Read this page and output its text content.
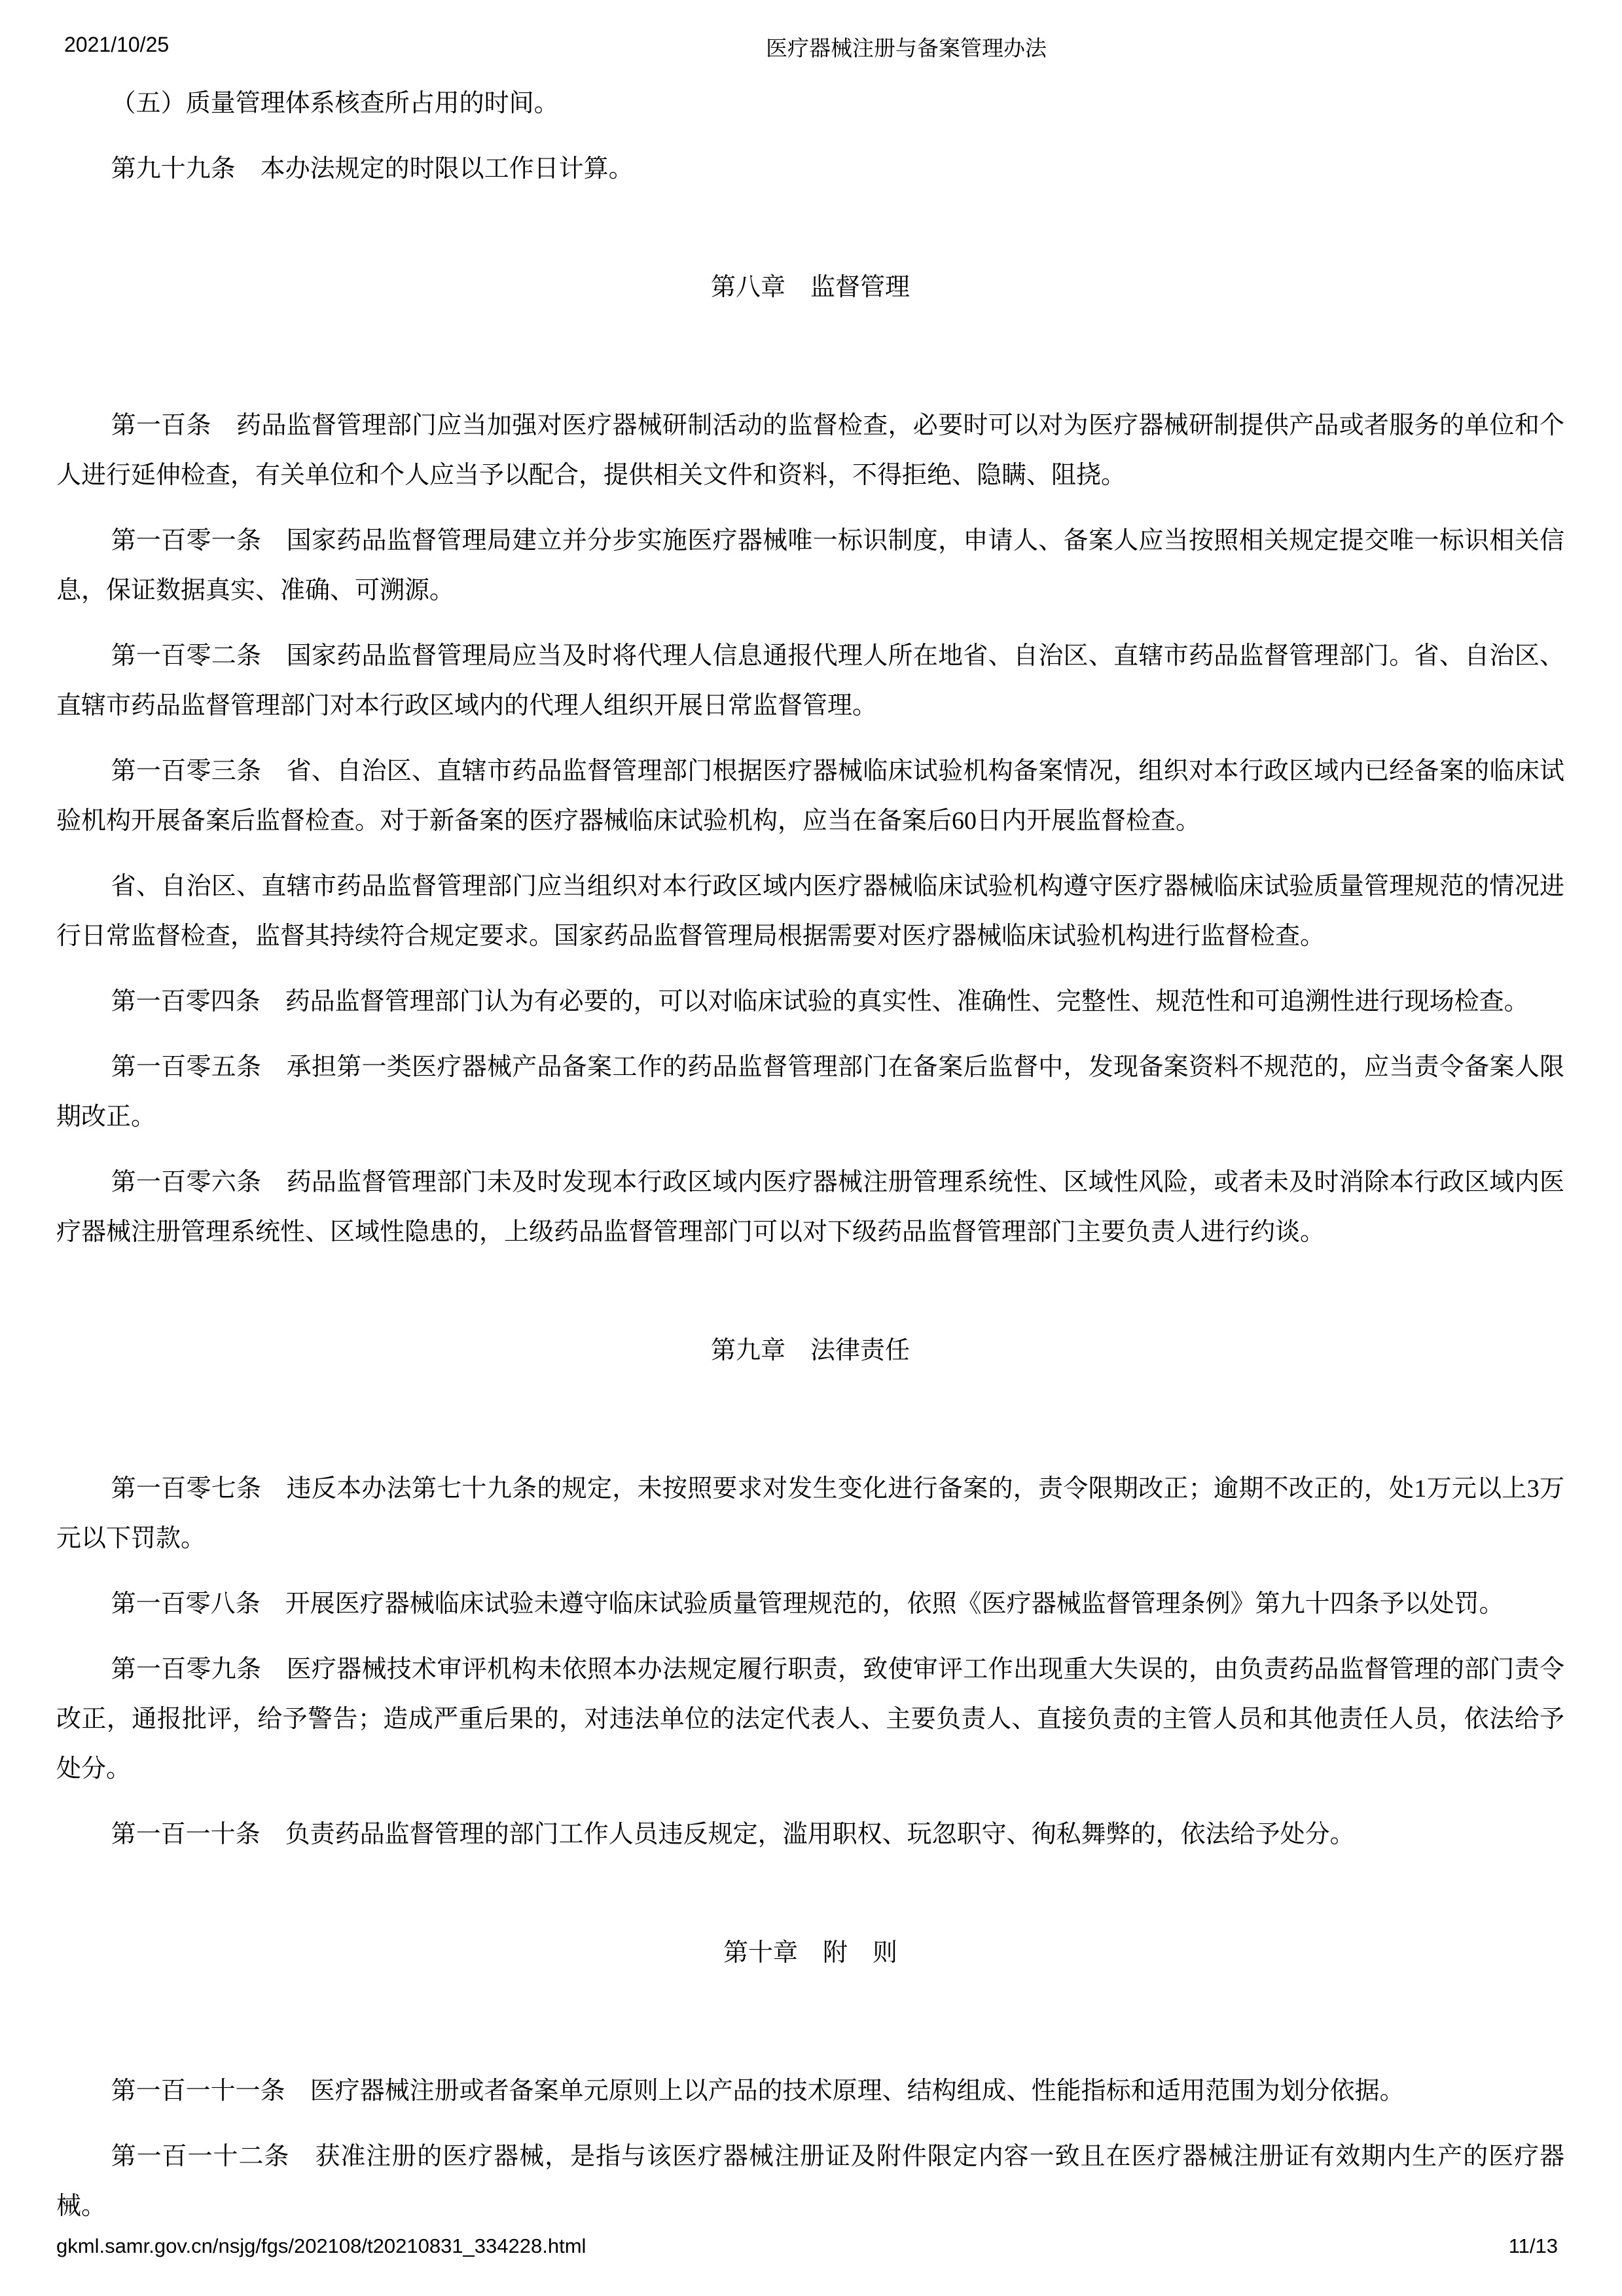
2021/10/25	医疗器械注册与备案管理办法

（五）质量管理体系核查所占用的时间。

第九十九条　本办法规定的时限以工作日计算。

第八章　监督管理

第一百条　药品监督管理部门应当加强对医疗器械研制活动的监督检查，必要时可以对为医疗器械研制提供产品或者服务的单位和个人进行延伸检查，有关单位和个人应当予以配合，提供相关文件和资料，不得拒绝、隐瞒、阻挠。

第一百零一条　国家药品监督管理局建立并分步实施医疗器械唯一标识制度，申请人、备案人应当按照相关规定提交唯一标识相关信息，保证数据真实、准确、可溯源。

第一百零二条　国家药品监督管理局应当及时将代理人信息通报代理人所在地省、自治区、直辖市药品监督管理部门。省、自治区、直辖市药品监督管理部门对本行政区域内的代理人组织开展日常监督管理。

第一百零三条　省、自治区、直辖市药品监督管理部门根据医疗器械临床试验机构备案情况，组织对本行政区域内已经备案的临床试验机构开展备案后监督检查。对于新备案的医疗器械临床试验机构，应当在备案后60日内开展监督检查。

省、自治区、直辖市药品监督管理部门应当组织对本行政区域内医疗器械临床试验机构遵守医疗器械临床试验质量管理规范的情况进行日常监督检查，监督其持续符合规定要求。国家药品监督管理局根据需要对医疗器械临床试验机构进行监督检查。

第一百零四条　药品监督管理部门认为有必要的，可以对临床试验的真实性、准确性、完整性、规范性和可追溯性进行现场检查。

第一百零五条　承担第一类医疗器械产品备案工作的药品监督管理部门在备案后监督中，发现备案资料不规范的，应当责令备案人限期改正。

第一百零六条　药品监督管理部门未及时发现本行政区域内医疗器械注册管理系统性、区域性风险，或者未及时消除本行政区域内医疗器械注册管理系统性、区域性隐患的，上级药品监督管理部门可以对下级药品监督管理部门主要负责人进行约谈。

第九章　法律责任

第一百零七条　违反本办法第七十九条的规定，未按照要求对发生变化进行备案的，责令限期改正；逾期不改正的，处1万元以上3万元以下罚款。

第一百零八条　开展医疗器械临床试验未遵守临床试验质量管理规范的，依照《医疗器械监督管理条例》第九十四条予以处罚。

第一百零九条　医疗器械技术审评机构未依照本办法规定履行职责，致使审评工作出现重大失误的，由负责药品监督管理的部门责令改正，通报批评，给予警告；造成严重后果的，对违法单位的法定代表人、主要负责人、直接负责的主管人员和其他责任人员，依法给予处分。

第一百一十条　负责药品监督管理的部门工作人员违反规定，滥用职权、玩忽职守、徇私舞弊的，依法给予处分。

第十章　附　则

第一百一十一条　医疗器械注册或者备案单元原则上以产品的技术原理、结构组成、性能指标和适用范围为划分依据。

第一百一十二条　获准注册的医疗器械，是指与该医疗器械注册证及附件限定内容一致且在医疗器械注册证有效期内生产的医疗器械。

gkml.samr.gov.cn/nsjg/fgs/202108/t20210831_334228.html	11/13
